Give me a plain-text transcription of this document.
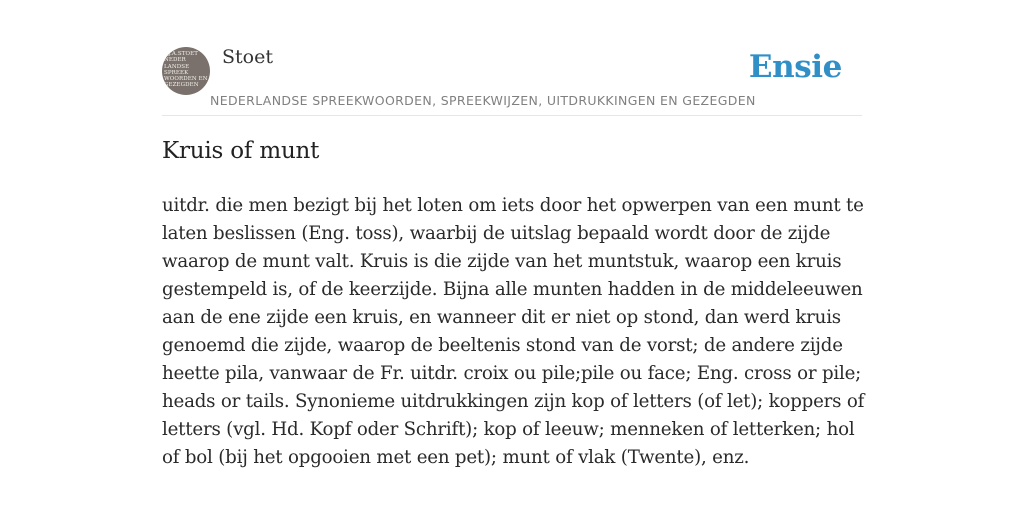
KJ.A.STOET
NEDER
LANDSE
SPREEK
WOORDEN EN
GEZEGDEN
Stoet	Ensie
NEDERLANDSE SPREEKWOORDEN, SPREEKWIJZEN, UITDRUKKINGEN EN GEZEGDEN
Kruis of munt

uitdr. die men bezigt bij het loten om iets door het opwerpen van een munt te laten beslissen (Eng. toss), waarbij de uitslag bepaald wordt door de zijde waarop de munt valt. Kruis is die zijde van het muntstuk, waarop een kruis gestempeld is, of de keerzijde. Bijna alle munten hadden in de middeleeuwen aan de ene zijde een kruis, en wanneer dit er niet op stond, dan werd kruis genoemd die zijde, waarop de beeltenis stond van de vorst; de andere zijde heette pila, vanwaar de Fr. uitdr. croix ou pile;pile ou face; Eng. cross or pile; heads or tails. Synonieme uitdrukkingen zijn kop of letters (of let); koppers of letters (vgl. Hd. Kopf oder Schrift); kop of leeuw; menneken of letterken; hol of bol (bij het opgooien met een pet); munt of vlak (Twente), enz.
